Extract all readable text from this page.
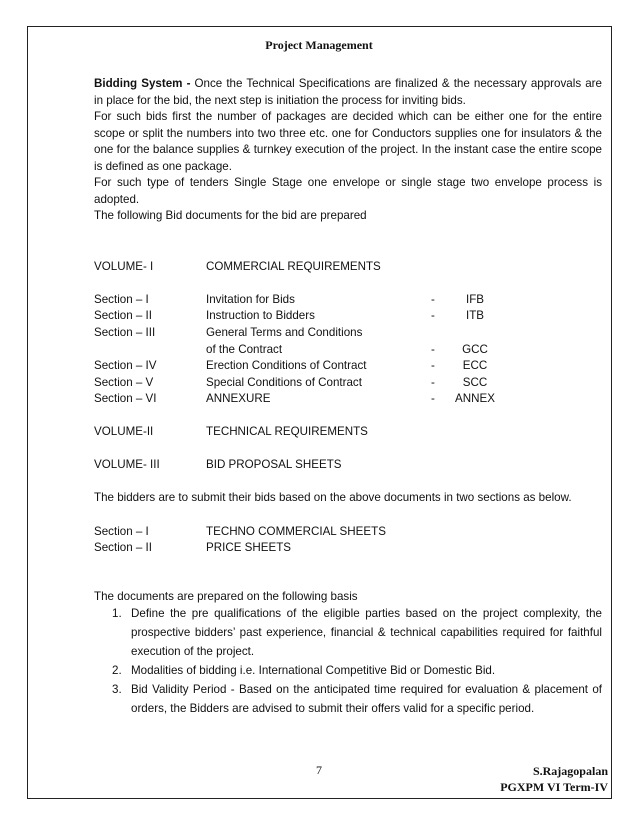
Project Management
Bidding System - Once the Technical Specifications are finalized & the necessary approvals are in place for the bid, the next step is initiation the process for inviting bids.
For such bids first the number of packages are decided which can be either one for the entire scope or split the numbers into two three etc. one for Conductors supplies one for insulators & the one for the balance supplies & turnkey execution of the project. In the instant case the entire scope is defined as one package.
For such type of tenders Single Stage one envelope or single stage two envelope process is adopted.
The following Bid documents for the bid are prepared
VOLUME- I	COMMERCIAL REQUIREMENTS
Section – I	Invitation for Bids	-	IFB
Section – II	Instruction to Bidders	-	ITB
Section – III	General Terms and Conditions
of the Contract	-	GCC
Section – IV	Erection Conditions of Contract	-	ECC
Section – V	Special Conditions of Contract	-	SCC
Section – VI	ANNEXURE	- ANNEX
VOLUME-II	TECHNICAL REQUIREMENTS
VOLUME- III	BID PROPOSAL SHEETS
The bidders are to submit their bids based on the above documents in two sections as below.
Section – I	TECHNO COMMERCIAL SHEETS
Section – II	PRICE SHEETS
The documents are prepared on the following basis
1. Define the pre qualifications of the eligible parties based on the project complexity, the prospective bidders’ past experience, financial & technical capabilities required for faithful execution of the project.
2. Modalities of bidding i.e. International Competitive Bid or Domestic Bid.
3. Bid Validity Period - Based on the anticipated time required for evaluation & placement of orders, the Bidders are advised to submit their offers valid for a specific period.
7	S.Rajagopalan
PGXPM VI Term-IV
